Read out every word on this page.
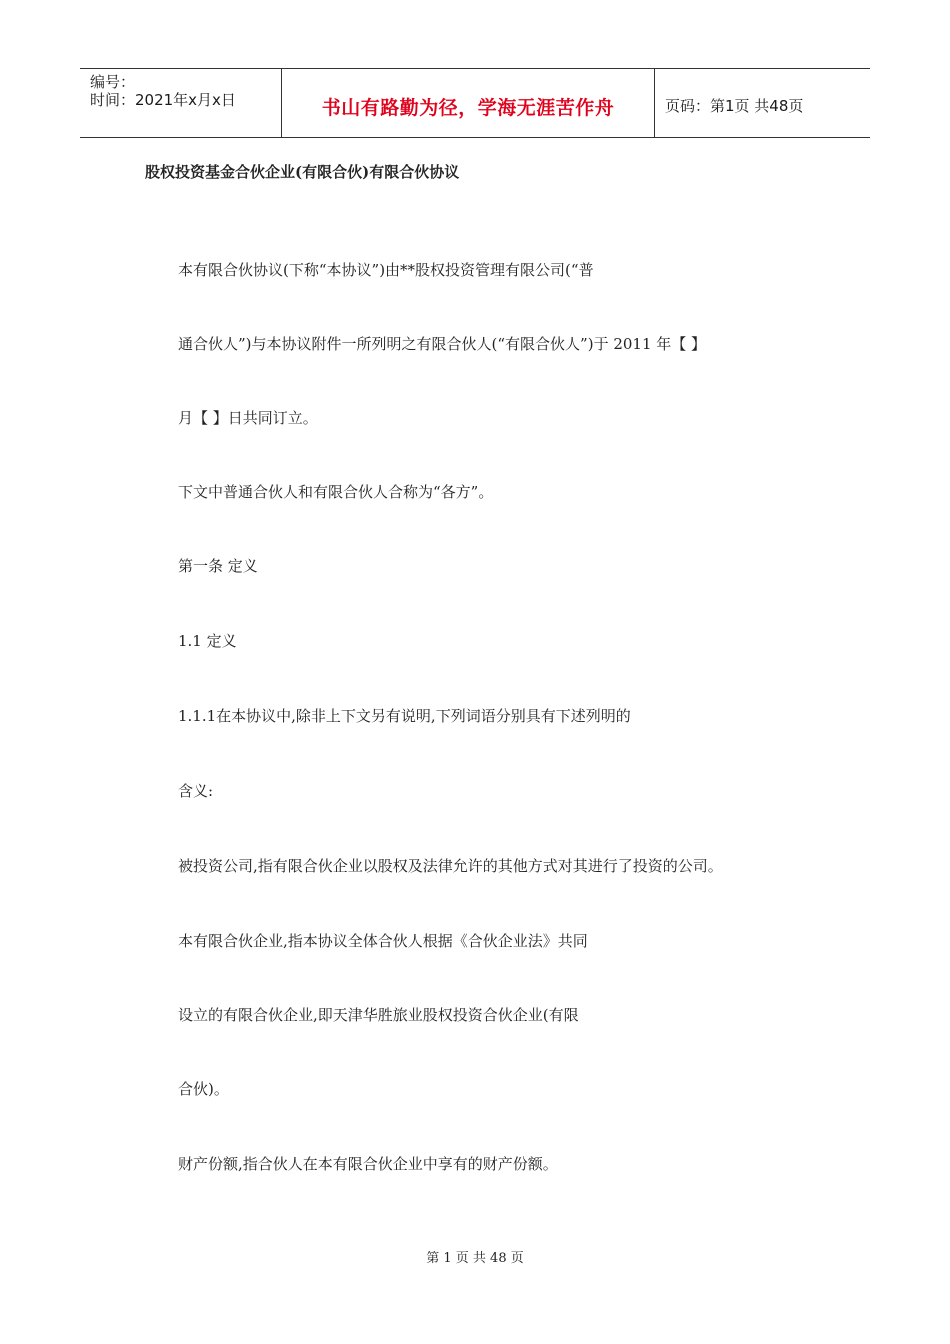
编号：
时间：2021年x月x日	书山有路勤为径，学海无涯苦作舟	页码：第1页 共48页
股权投资基金合伙企业(有限合伙)有限合伙协议
本有限合伙协议(下称“本协议”)由**股权投资管理有限公司(“普
通合伙人”)与本协议附件一所列明之有限合伙人(“有限合伙人”)于 2011 年【 】
月【 】日共同订立。
下文中普通合伙人和有限合伙人合称为“各方”。
第一条 定义
1.1 定义
1.1.1在本协议中,除非上下文另有说明,下列词语分别具有下述列明的
含义:
被投资公司,指有限合伙企业以股权及法律允许的其他方式对其进行了投资的公司。
本有限合伙企业,指本协议全体合伙人根据《合伙企业法》共同
设立的有限合伙企业,即天津华胜旅业股权投资合伙企业(有限
合伙)。
财产份额,指合伙人在本有限合伙企业中享有的财产份额。
第 1 页 共 48 页
